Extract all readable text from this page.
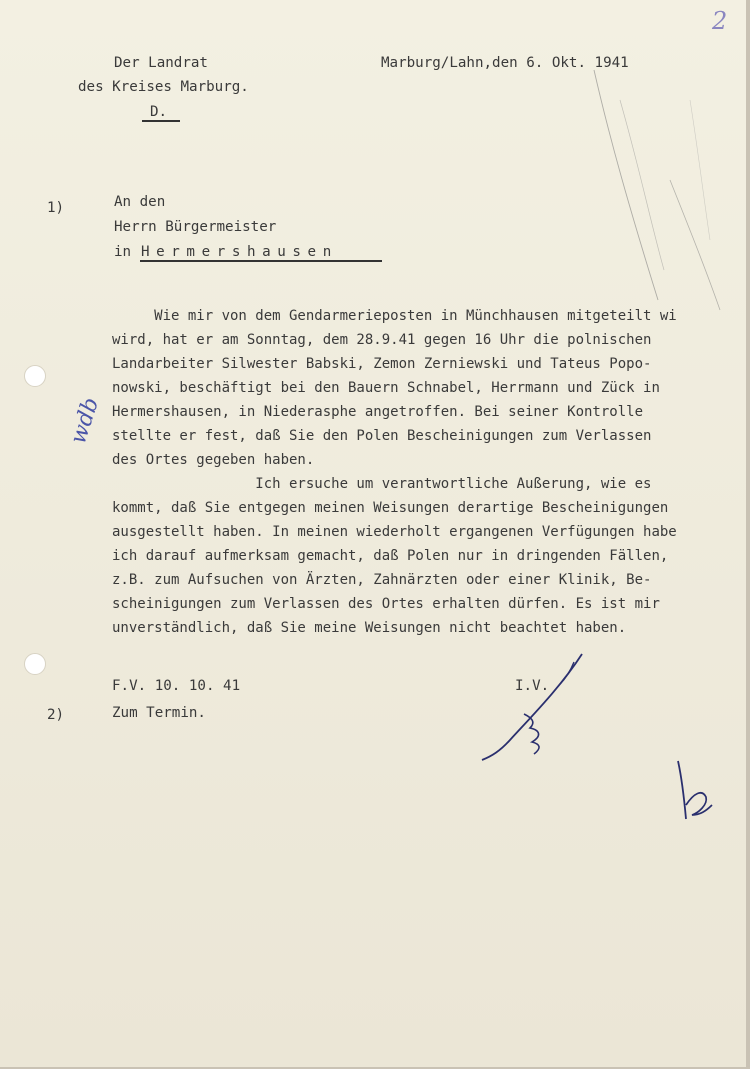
2
Der Landrat
des Kreises Marburg.
D.
Marburg/Lahn,den 6. Okt. 1941
1)	An den
Herrn Bürgermeister
in Hermershausen
wdb
Wie mir von dem Gendarmerieposten in Münchhausen mitgeteilt wi
wird, hat er am Sonntag, dem 28.9.41 gegen 16 Uhr die polnischen
Landarbeiter Silwester Babski, Zemon Zerniewski und Tateus Popo-
nowski, beschäftigt bei den Bauern Schnabel, Herrmann und Zück in
Hermershausen, in Niederasphe angetroffen. Bei seiner Kontrolle
stellte er fest, daß Sie den Polen Bescheinigungen zum Verlassen
des Ortes gegeben haben.
Ich ersuche um verantwortliche Außerung, wie es
kommt, daß Sie entgegen meinen Weisungen derartige Bescheinigungen
ausgestellt haben. In meinen wiederholt ergangenen Verfügungen habe
ich darauf aufmerksam gemacht, daß Polen nur in dringenden Fällen,
z.B. zum Aufsuchen von Ärzten, Zahnärzten oder einer Klinik, Be-
scheinigungen zum Verlassen des Ortes erhalten dürfen. Es ist mir
unverständlich, daß Sie meine Weisungen nicht beachtet haben.
F.V. 10. 10. 41	I.V.
2)	Zum Termin.
